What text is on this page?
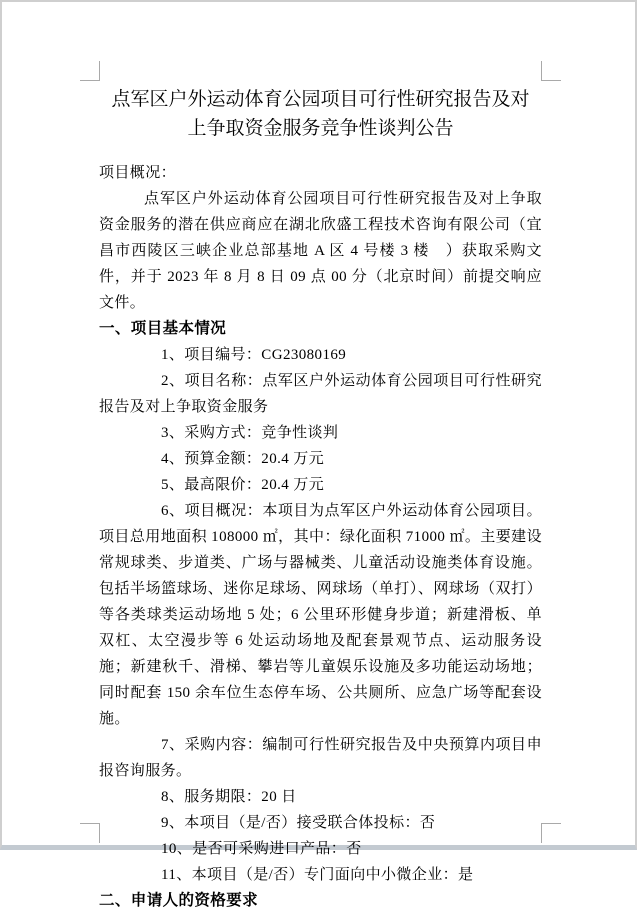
点军区户外运动体育公园项目可行性研究报告及对上争取资金服务竞争性谈判公告

项目概况：

点军区户外运动体育公园项目可行性研究报告及对上争取资金服务的潜在供应商应在湖北欣盛工程技术咨询有限公司（宜昌市西陵区三峡企业总部基地 A 区 4 号楼 3 楼　）获取采购文件，并于 2023 年 8 月 8 日 09 点 00 分（北京时间）前提交响应文件。

一、项目基本情况

1、项目编号：CG23080169

2、项目名称：点军区户外运动体育公园项目可行性研究报告及对上争取资金服务

3、采购方式：竞争性谈判

4、预算金额：20.4 万元

5、最高限价：20.4 万元

6、项目概况：本项目为点军区户外运动体育公园项目。项目总用地面积 108000 ㎡，其中：绿化面积 71000 ㎡。主要建设常规球类、步道类、广场与器械类、儿童活动设施类体育设施。包括半场篮球场、迷你足球场、网球场（单打）、网球场（双打）等各类球类运动场地 5 处；6 公里环形健身步道；新建滑板、单双杠、太空漫步等 6 处运动场地及配套景观节点、运动服务设施；新建秋千、滑梯、攀岩等儿童娱乐设施及多功能运动场地；同时配套 150 余车位生态停车场、公共厕所、应急广场等配套设施。

7、采购内容：编制可行性研究报告及中央预算内项目申报咨询服务。

8、服务期限：20 日

9、本项目（是/否）接受联合体投标：否

10、是否可采购进口产品：否

11、本项目（是/否）专门面向中小微企业：是

二、申请人的资格要求
